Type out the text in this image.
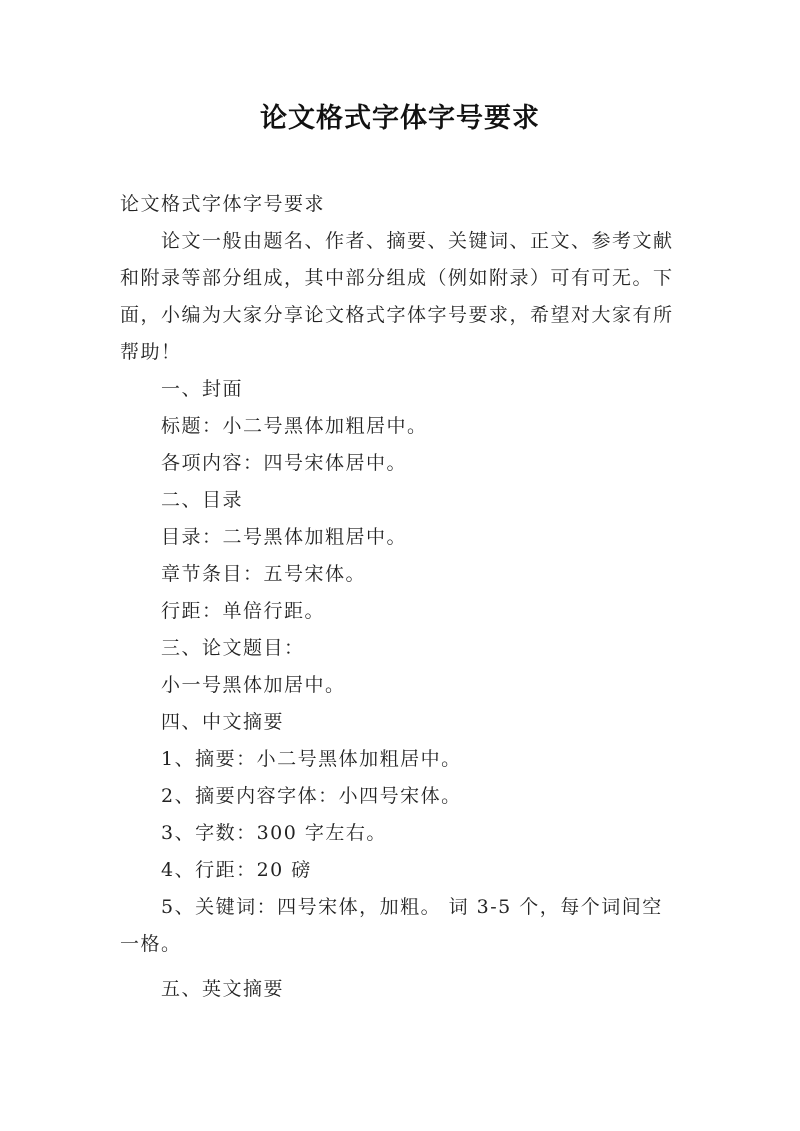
论文格式字体字号要求

论文格式字体字号要求

论文一般由题名、作者、摘要、关键词、正文、参考文献和附录等部分组成，其中部分组成（例如附录）可有可无。下面，小编为大家分享论文格式字体字号要求，希望对大家有所帮助！

一、封面

标题：小二号黑体加粗居中。

各项内容：四号宋体居中。

二、目录

目录：二号黑体加粗居中。

章节条目：五号宋体。

行距：单倍行距。

三、论文题目：

小一号黑体加居中。

四、中文摘要

1、摘要：小二号黑体加粗居中。

2、摘要内容字体：小四号宋体。

3、字数：300 字左右。

4、行距：20 磅

5、关键词：四号宋体，加粗。 词 3-5 个，每个词间空一格。

五、英文摘要
